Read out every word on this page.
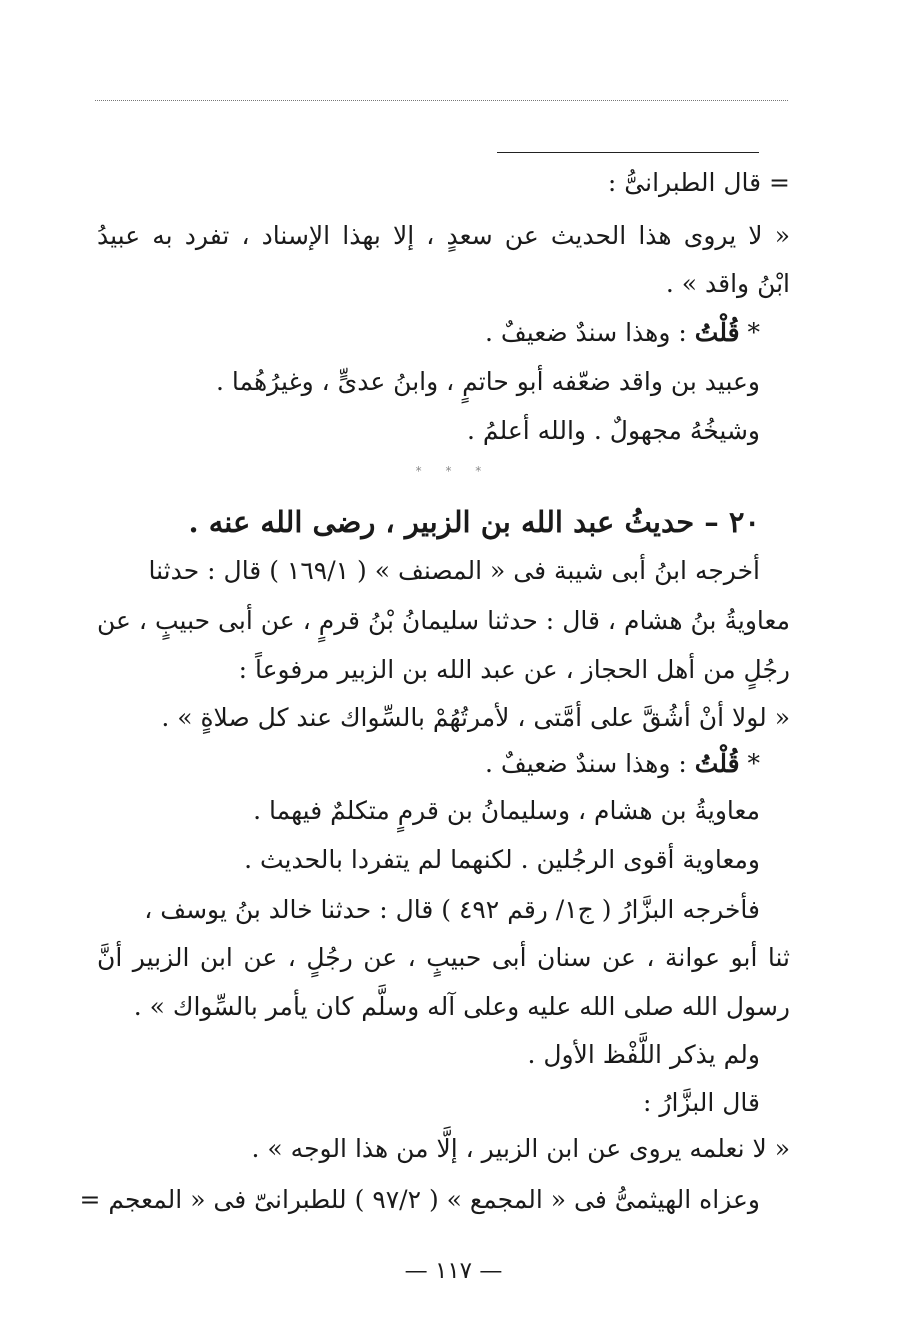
= قال الطبرانىُّ :

« لا يروى هذا الحديث عن سعدٍ ، إلا بهذا الإسناد ، تفرد به عبيدُ

ابْنُ واقد » .

* قُلْتُ : وهذا سندٌ ضعيفٌ .

وعبيد بن واقد ضعّفه أبو حاتمٍ ، وابنُ عدىٍّ ، وغيرُهُما .

وشيخُهُ مجهولٌ . والله أعلمُ .

* * *

٢٠ – حديثُ عبد الله بن الزبير ، رضى الله عنه .

أخرجه ابنُ أبى شيبة فى « المصنف » ( ١٦٩/١ ) قال : حدثنا

معاويةُ بنُ هشام ، قال : حدثنا سليمانُ بْنُ قرمٍ ، عن أبى حبيبٍ ، عن

رجُلٍ من أهل الحجاز ، عن عبد الله بن الزبير مرفوعاً :

« لولا أنْ أشُقَّ على أمَّتى ، لأمرتُهُمْ بالسِّواك عند كل صلاةٍ » .

* قُلْتُ : وهذا سندٌ ضعيفٌ .

معاويةُ بن هشام ، وسليمانُ بن قرمٍ متكلمٌ فيهما .

ومعاوية أقوى الرجُلين . لكنهما لم يتفردا بالحديث .

فأخرجه البزَّارُ ( ج١/ رقم ٤٩٢ ) قال : حدثنا خالد بنُ يوسف ،

ثنا أبو عوانة ، عن سنان أبى حبيبٍ ، عن رجُلٍ ، عن ابن الزبير أنَّ

رسول الله صلى الله عليه وعلى آله وسلَّم كان يأمر بالسِّواك » .

ولم يذكر اللَّفْظ الأول .

قال البزَّارُ :

« لا نعلمه يروى عن ابن الزبير ، إلَّا من هذا الوجه » .

وعزاه الهيثمىُّ فى « المجمع » ( ٩٧/٢ ) للطبرانىّ فى « المعجم =

— ١١٧ —
